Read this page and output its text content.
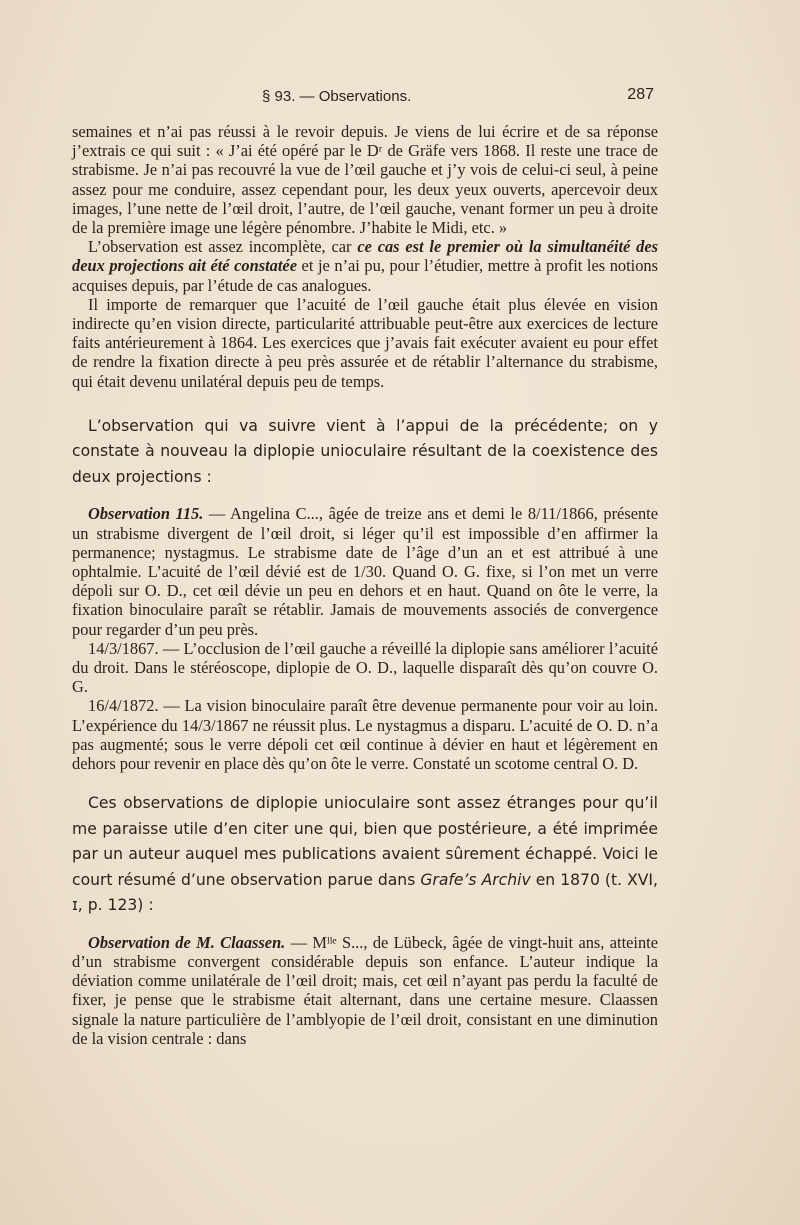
§ 93. — Observations.	287

semaines et n’ai pas réussi à le revoir depuis. Je viens de lui écrire et de sa réponse j’extrais ce qui suit : « J’ai été opéré par le Dʳ de Gräfe vers 1868. Il reste une trace de strabisme. Je n’ai pas recouvré la vue de l’œil gauche et j’y vois de celui-ci seul, à peine assez pour me conduire, assez cependant pour, les deux yeux ouverts, apercevoir deux images, l’une nette de l’œil droit, l’autre, de l’œil gauche, venant former un peu à droite de la première image une légère pénombre. J’habite le Midi, etc. »

L’observation est assez incomplète, car ce cas est le premier où la simultanéité des deux projections ait été constatée et je n’ai pu, pour l’étudier, mettre à profit les notions acquises depuis, par l’étude de cas analogues.

Il importe de remarquer que l’acuité de l’œil gauche était plus élevée en vision indirecte qu’en vision directe, particularité attribuable peut-être aux exercices de lecture faits antérieurement à 1864. Les exercices que j’avais fait exécuter avaient eu pour effet de rendre la fixation directe à peu près assurée et de rétablir l’alternance du strabisme, qui était devenu unilatéral depuis peu de temps.

L’observation qui va suivre vient à l’appui de la précédente; on y constate à nouveau la diplopie unioculaire résultant de la coexistence des deux projections :

Observation 115. — Angelina C..., âgée de treize ans et demi le 8/11/1866, présente un strabisme divergent de l’œil droit, si léger qu’il est impossible d’en affirmer la permanence; nystagmus. Le strabisme date de l’âge d’un an et est attribué à une ophtalmie. L’acuité de l’œil dévié est de 1/30. Quand O. G. fixe, si l’on met un verre dépoli sur O. D., cet œil dévie un peu en dehors et en haut. Quand on ôte le verre, la fixation binoculaire paraît se rétablir. Jamais de mouvements associés de convergence pour regarder d’un peu près.

14/3/1867. — L’occlusion de l’œil gauche a réveillé la diplopie sans améliorer l’acuité du droit. Dans le stéréoscope, diplopie de O. D., laquelle disparaît dès qu’on couvre O. G.

16/4/1872. — La vision binoculaire paraît être devenue permanente pour voir au loin. L’expérience du 14/3/1867 ne réussit plus. Le nystagmus a disparu. L’acuité de O. D. n’a pas augmenté; sous le verre dépoli cet œil continue à dévier en haut et légèrement en dehors pour revenir en place dès qu’on ôte le verre. Constaté un scotome central O. D.

Ces observations de diplopie unioculaire sont assez étranges pour qu’il me paraisse utile d’en citer une qui, bien que postérieure, a été imprimée par un auteur auquel mes publications avaient sûrement échappé. Voici le court résumé d’une observation parue dans Grafe’s Archiv en 1870 (t. XVI, ɪ, p. 123) :

Observation de M. Claassen. — Mˡˡᵉ S..., de Lübeck, âgée de vingt-huit ans, atteinte d’un strabisme convergent considérable depuis son enfance. L’auteur indique la déviation comme unilatérale de l’œil droit; mais, cet œil n’ayant pas perdu la faculté de fixer, je pense que le strabisme était alternant, dans une certaine mesure. Claassen signale la nature particulière de l’amblyopie de l’œil droit, consistant en une diminution de la vision centrale : dans
